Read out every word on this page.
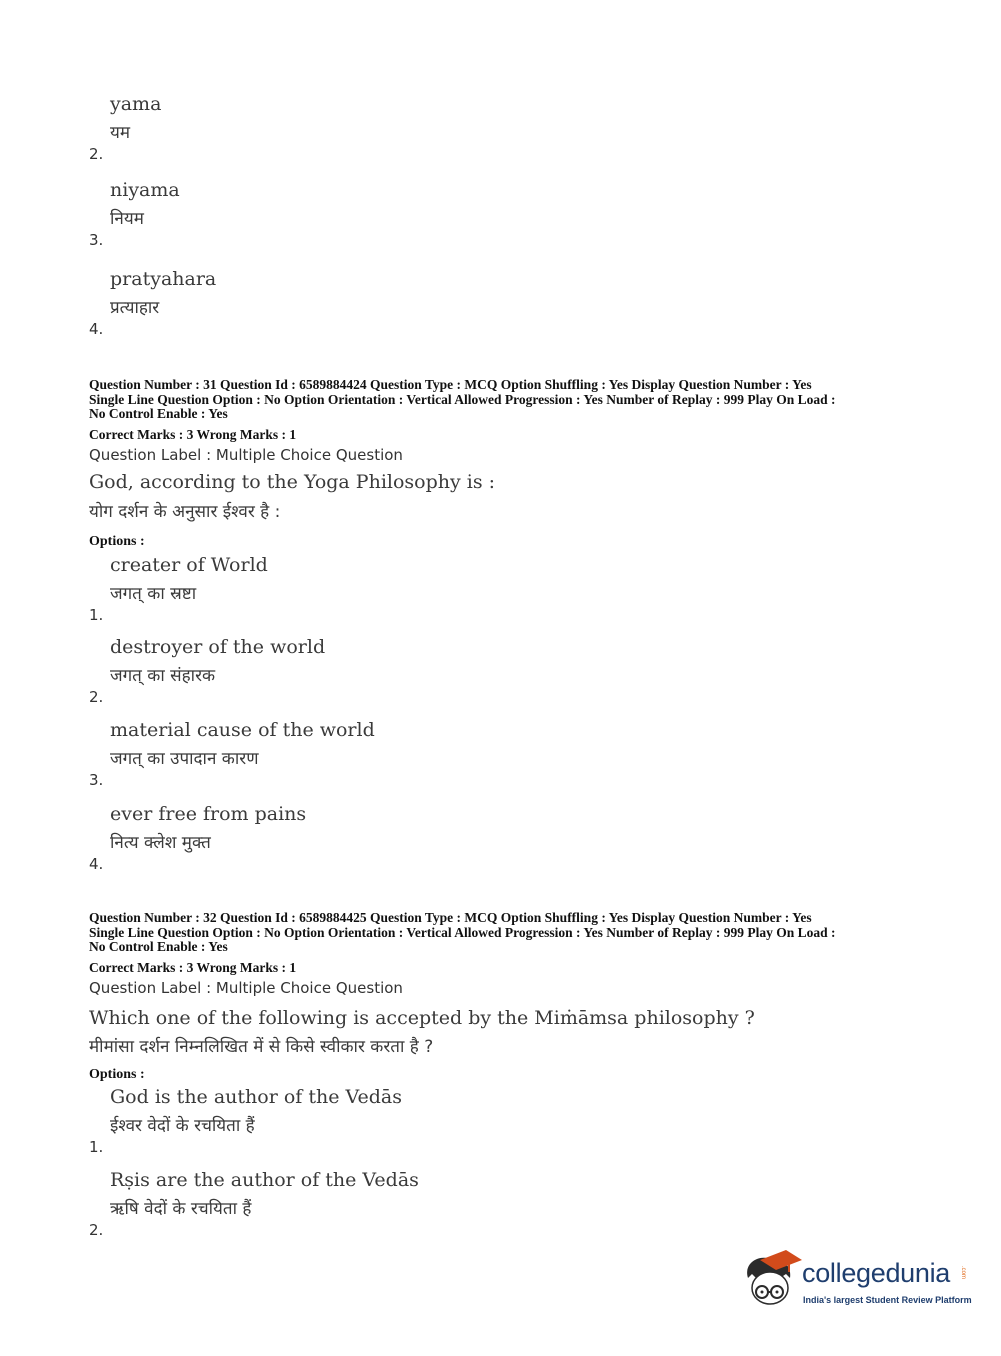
yama
यम
2.
niyama
नियम
3.
pratyahara
प्रत्याहार
4.
Question Number : 31 Question Id : 6589884424 Question Type : MCQ Option Shuffling : Yes Display Question Number : Yes
Single Line Question Option : No Option Orientation : Vertical Allowed Progression : Yes Number of Replay : 999 Play On Load :
No Control Enable : Yes
Correct Marks : 3 Wrong Marks : 1
Question Label : Multiple Choice Question
God, according to the Yoga Philosophy is :
योग दर्शन के अनुसार ईश्वर है :
Options :
creater of World
जगत् का स्रष्टा
1.
destroyer of the world
जगत् का संहारक
2.
material cause of the world
जगत् का उपादान कारण
3.
ever free from pains
नित्य क्लेश मुक्त
4.
Question Number : 32 Question Id : 6589884425 Question Type : MCQ Option Shuffling : Yes Display Question Number : Yes
Single Line Question Option : No Option Orientation : Vertical Allowed Progression : Yes Number of Replay : 999 Play On Load :
No Control Enable : Yes
Correct Marks : 3 Wrong Marks : 1
Question Label : Multiple Choice Question
Which one of the following is accepted by the Miṁāmsa philosophy ?
मीमांसा दर्शन निम्नलिखित में से किसे स्वीकार करता है ?
Options :
God is the author of the Vedās
ईश्वर वेदों के रचयिता हैं
1.
Rṣis are the author of the Vedās
ऋषि वेदों के रचयिता हैं
2.
collegedunia .com
India's largest Student Review Platform
